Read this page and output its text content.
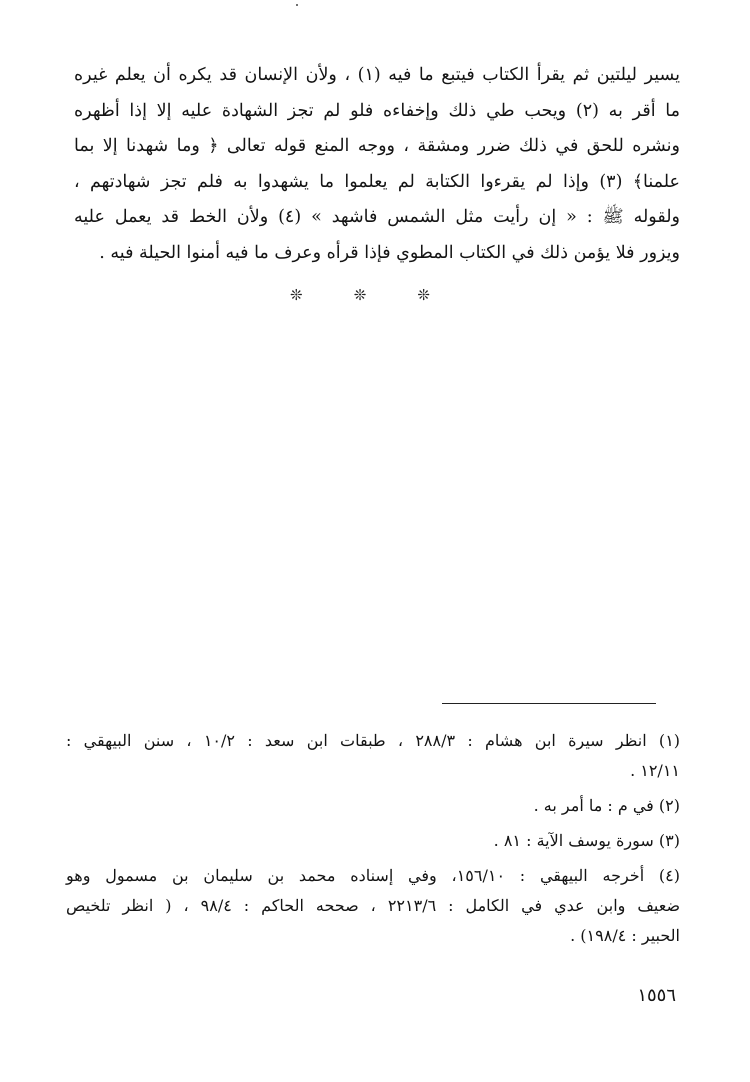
يسير ليلتين ثم يقرأ الكتاب فيتبع ما فيه (١) ، ولأن الإنسان قد يكره أن يعلم غيره
ما أقر به (٢) ويحب طي ذلك وإخفاءه فلو لم تجز الشهادة عليه إلا إذا أظهره
ونشره للحق في ذلك ضرر ومشقة ، ووجه المنع قوله تعالى ﴿ وما شهدنا إلا بما
علمنا﴾ (٣) وإذا لم يقرءوا الكتابة لم يعلموا ما يشهدوا به فلم تجز شهادتهم ،
ولقوله ﷺ : « إن رأيت مثل الشمس فاشهد » (٤) ولأن الخط قد يعمل عليه
ويزور فلا يؤمن ذلك في الكتاب المطوي فإذا قرأه وعرف ما فيه أمنوا الحيلة فيه .
❊	❊	❊
(١) انظر سيرة ابن هشام : ٢٨٨/٣ ، طبقات ابن سعد : ١٠/٢ ، سنن البيهقي :
١٢/١١ .
(٢) في م : ما أمر به .
(٣) سورة يوسف الآية : ٨١ .
(٤) أخرجه البيهقي : ١٥٦/١٠، وفي إسناده محمد بن سليمان بن مسمول وهو
ضعيف وابن عدي في الكامل : ٢٢١٣/٦ ، صححه الحاكم : ٩٨/٤ ، ( انظر تلخيص
الحبير : ١٩٨/٤) .
١٥٥٦
